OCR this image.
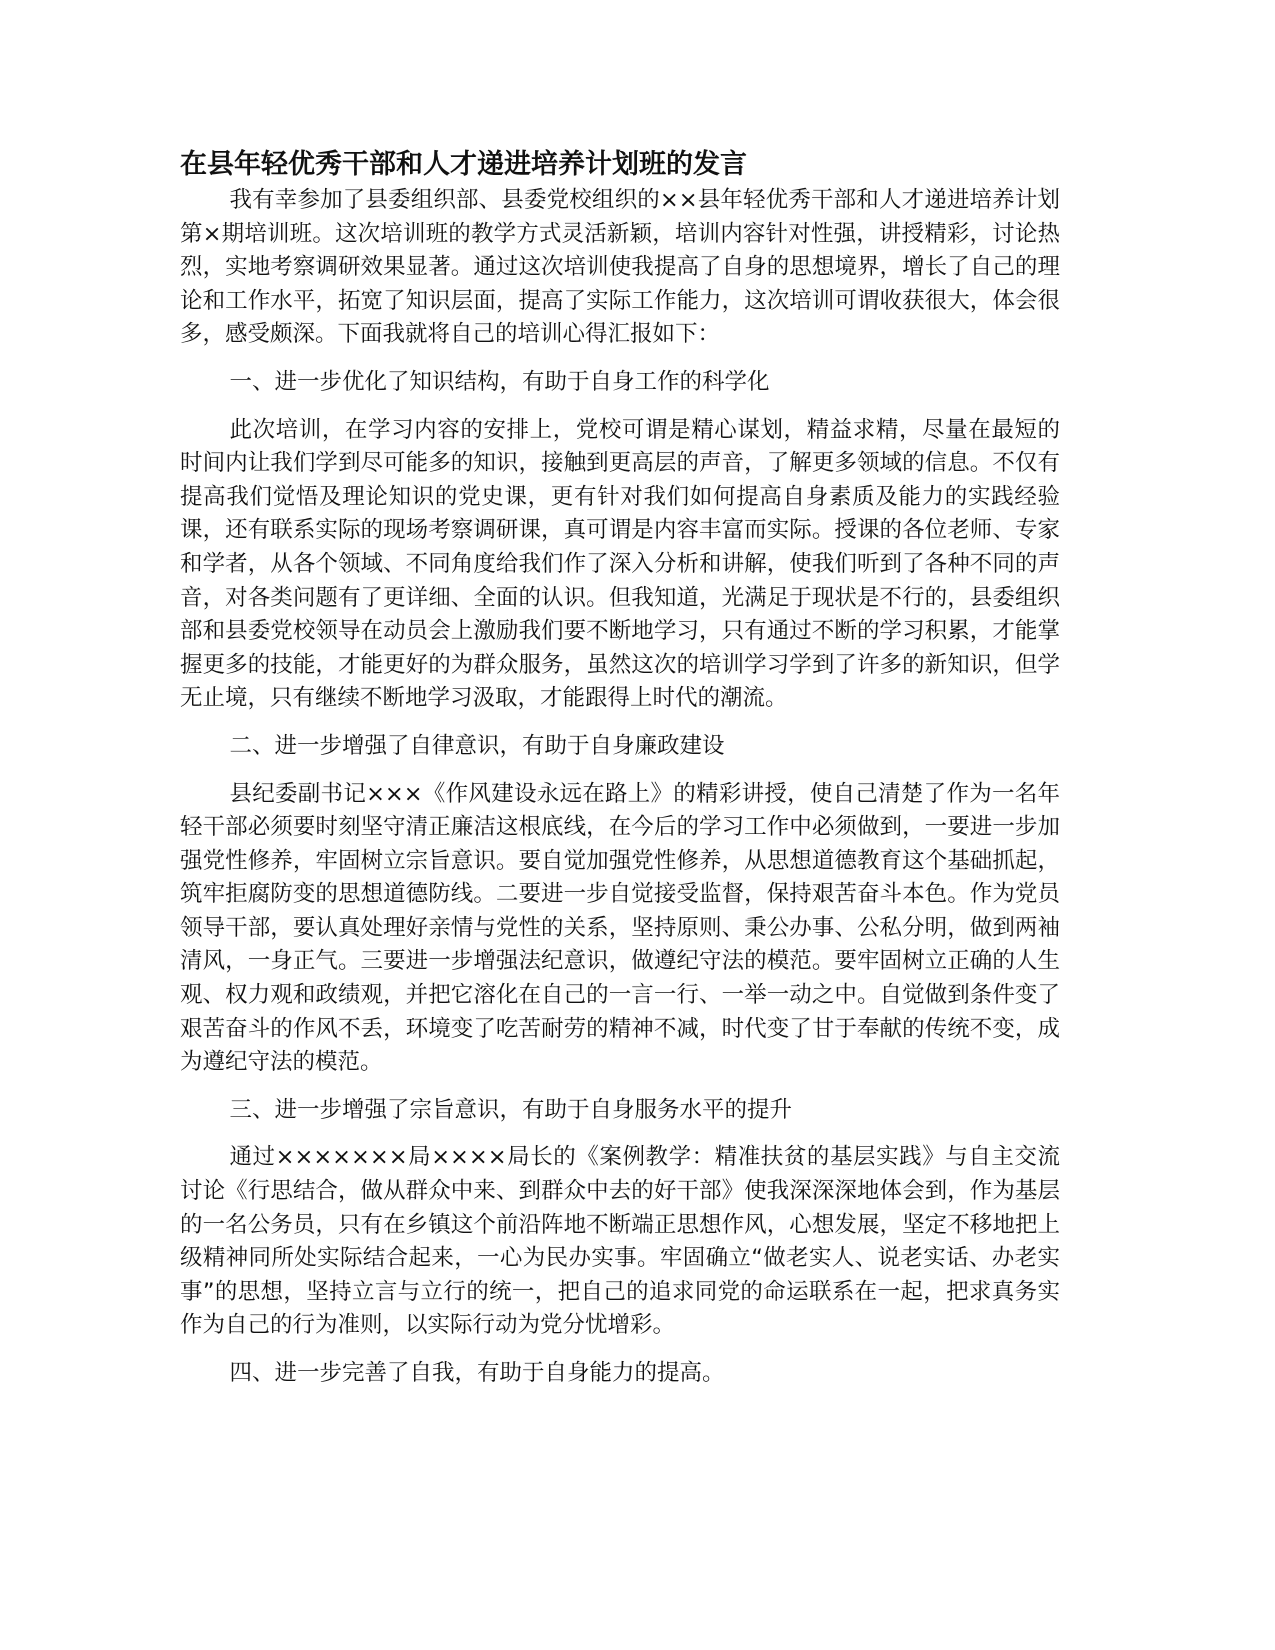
在县年轻优秀干部和人才递进培养计划班的发言

我有幸参加了县委组织部、县委党校组织的××县年轻优秀干部和人才递进培养计划第×期培训班。这次培训班的教学方式灵活新颖，培训内容针对性强，讲授精彩，讨论热烈，实地考察调研效果显著。通过这次培训使我提高了自身的思想境界，增长了自己的理论和工作水平，拓宽了知识层面，提高了实际工作能力，这次培训可谓收获很大，体会很多，感受颇深。下面我就将自己的培训心得汇报如下：

一、进一步优化了知识结构，有助于自身工作的科学化

此次培训，在学习内容的安排上，党校可谓是精心谋划，精益求精，尽量在最短的时间内让我们学到尽可能多的知识，接触到更高层的声音，了解更多领域的信息。不仅有提高我们觉悟及理论知识的党史课，更有针对我们如何提高自身素质及能力的实践经验课，还有联系实际的现场考察调研课，真可谓是内容丰富而实际。授课的各位老师、专家和学者，从各个领域、不同角度给我们作了深入分析和讲解，使我们听到了各种不同的声音，对各类问题有了更详细、全面的认识。但我知道，光满足于现状是不行的，县委组织部和县委党校领导在动员会上激励我们要不断地学习，只有通过不断的学习积累，才能掌握更多的技能，才能更好的为群众服务，虽然这次的培训学习学到了许多的新知识，但学无止境，只有继续不断地学习汲取，才能跟得上时代的潮流。

二、进一步增强了自律意识，有助于自身廉政建设

县纪委副书记×××《作风建设永远在路上》的精彩讲授，使自己清楚了作为一名年轻干部必须要时刻坚守清正廉洁这根底线，在今后的学习工作中必须做到，一要进一步加强党性修养，牢固树立宗旨意识。要自觉加强党性修养，从思想道德教育这个基础抓起，筑牢拒腐防变的思想道德防线。二要进一步自觉接受监督，保持艰苦奋斗本色。作为党员领导干部，要认真处理好亲情与党性的关系，坚持原则、秉公办事、公私分明，做到两袖清风，一身正气。三要进一步增强法纪意识，做遵纪守法的模范。要牢固树立正确的人生观、权力观和政绩观，并把它溶化在自己的一言一行、一举一动之中。自觉做到条件变了艰苦奋斗的作风不丢，环境变了吃苦耐劳的精神不减，时代变了甘于奉献的传统不变，成为遵纪守法的模范。

三、进一步增强了宗旨意识，有助于自身服务水平的提升

通过×××××××局××××局长的《案例教学：精准扶贫的基层实践》与自主交流讨论《行思结合，做从群众中来、到群众中去的好干部》使我深深深地体会到，作为基层的一名公务员，只有在乡镇这个前沿阵地不断端正思想作风，心想发展，坚定不移地把上级精神同所处实际结合起来，一心为民办实事。牢固确立“做老实人、说老实话、办老实事”的思想，坚持立言与立行的统一，把自己的追求同党的命运联系在一起，把求真务实作为自己的行为准则，以实际行动为党分忧增彩。

四、进一步完善了自我，有助于自身能力的提高。
